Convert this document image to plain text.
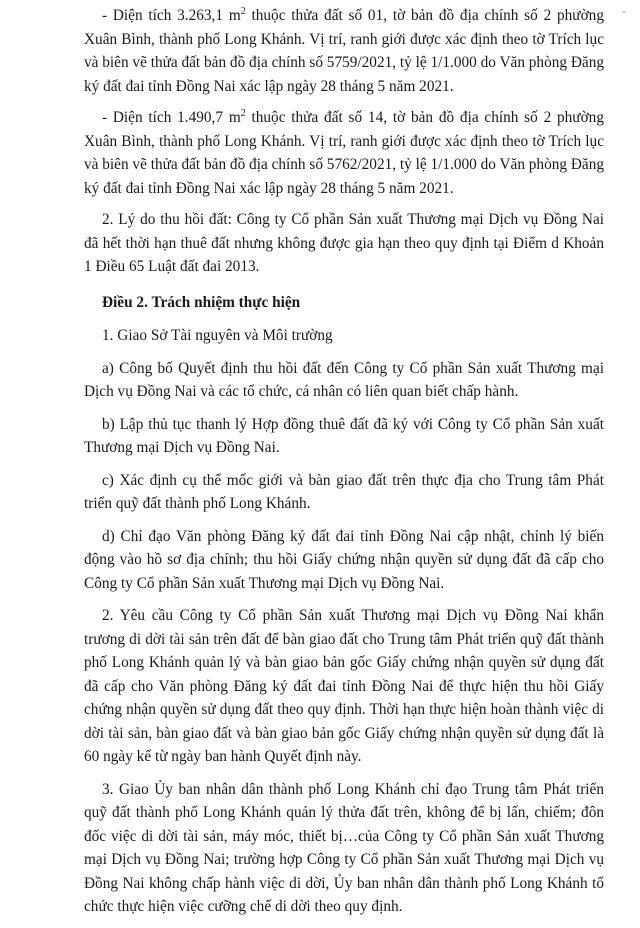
-

- Diện tích 3.263,1 $m^2$ thuộc thửa đất số 01, tờ bản đồ địa chính số 2 phường Xuân Bình, thành phố Long Khánh. Vị trí, ranh giới được xác định theo tờ Trích lục và biên vẽ thửa đất bản đồ địa chính số 5759/2021, tỷ lệ 1/1.000 do Văn phòng Đăng ký đất đai tỉnh Đồng Nai xác lập ngày 28 tháng 5 năm 2021.

- Diện tích 1.490,7 $m^2$ thuộc thửa đất số 14, tờ bản đồ địa chính số 2 phường Xuân Bình, thành phố Long Khánh. Vị trí, ranh giới được xác định theo tờ Trích lục và biên vẽ thửa đất bản đồ địa chính số 5762/2021, tỷ lệ 1/1.000 do Văn phòng Đăng ký đất đai tỉnh Đồng Nai xác lập ngày 28 tháng 5 năm 2021.

2. Lý do thu hồi đất: Công ty Cổ phần Sản xuất Thương mại Dịch vụ Đồng Nai đã hết thời hạn thuê đất nhưng không được gia hạn theo quy định tại Điểm d Khoản 1 Điều 65 Luật đất đai 2013.

Điều 2. Trách nhiệm thực hiện

1. Giao Sở Tài nguyên và Môi trường

a) Công bố Quyết định thu hồi đất đến Công ty Cổ phần Sản xuất Thương mại Dịch vụ Đồng Nai và các tổ chức, cá nhân có liên quan biết chấp hành.

b) Lập thủ tục thanh lý Hợp đồng thuê đất đã ký với Công ty Cổ phần Sản xuất Thương mại Dịch vụ Đồng Nai.

c) Xác định cụ thể mốc giới và bàn giao đất trên thực địa cho Trung tâm Phát triển quỹ đất thành phố Long Khánh.

d) Chỉ đạo Văn phòng Đăng ký đất đai tỉnh Đồng Nai cập nhật, chỉnh lý biến động vào hồ sơ địa chính; thu hồi Giấy chứng nhận quyền sử dụng đất đã cấp cho Công ty Cổ phần Sản xuất Thương mại Dịch vụ Đồng Nai.

2. Yêu cầu Công ty Cổ phần Sản xuất Thương mại Dịch vụ Đồng Nai khẩn trương di dời tài sản trên đất để bàn giao đất cho Trung tâm Phát triển quỹ đất thành phố Long Khánh quản lý và bàn giao bản gốc Giấy chứng nhận quyền sử dụng đất đã cấp cho Văn phòng Đăng ký đất đai tỉnh Đồng Nai để thực hiện thu hồi Giấy chứng nhận quyền sử dụng đất theo quy định. Thời hạn thực hiện hoàn thành việc di dời tài sản, bàn giao đất và bàn giao bản gốc Giấy chứng nhận quyền sử dụng đất là 60 ngày kể từ ngày ban hành Quyết định này.

3. Giao Ủy ban nhân dân thành phố Long Khánh chỉ đạo Trung tâm Phát triển quỹ đất thành phố Long Khánh quản lý thửa đất trên, không để bị lấn, chiếm; đôn đốc việc di dời tài sản, máy móc, thiết bị…của Công ty Cổ phần Sản xuất Thương mại Dịch vụ Đồng Nai; trường hợp Công ty Cổ phần Sản xuất Thương mại Dịch vụ Đồng Nai không chấp hành việc di dời, Ủy ban nhân dân thành phố Long Khánh tổ chức thực hiện việc cưỡng chế di dời theo quy định.
